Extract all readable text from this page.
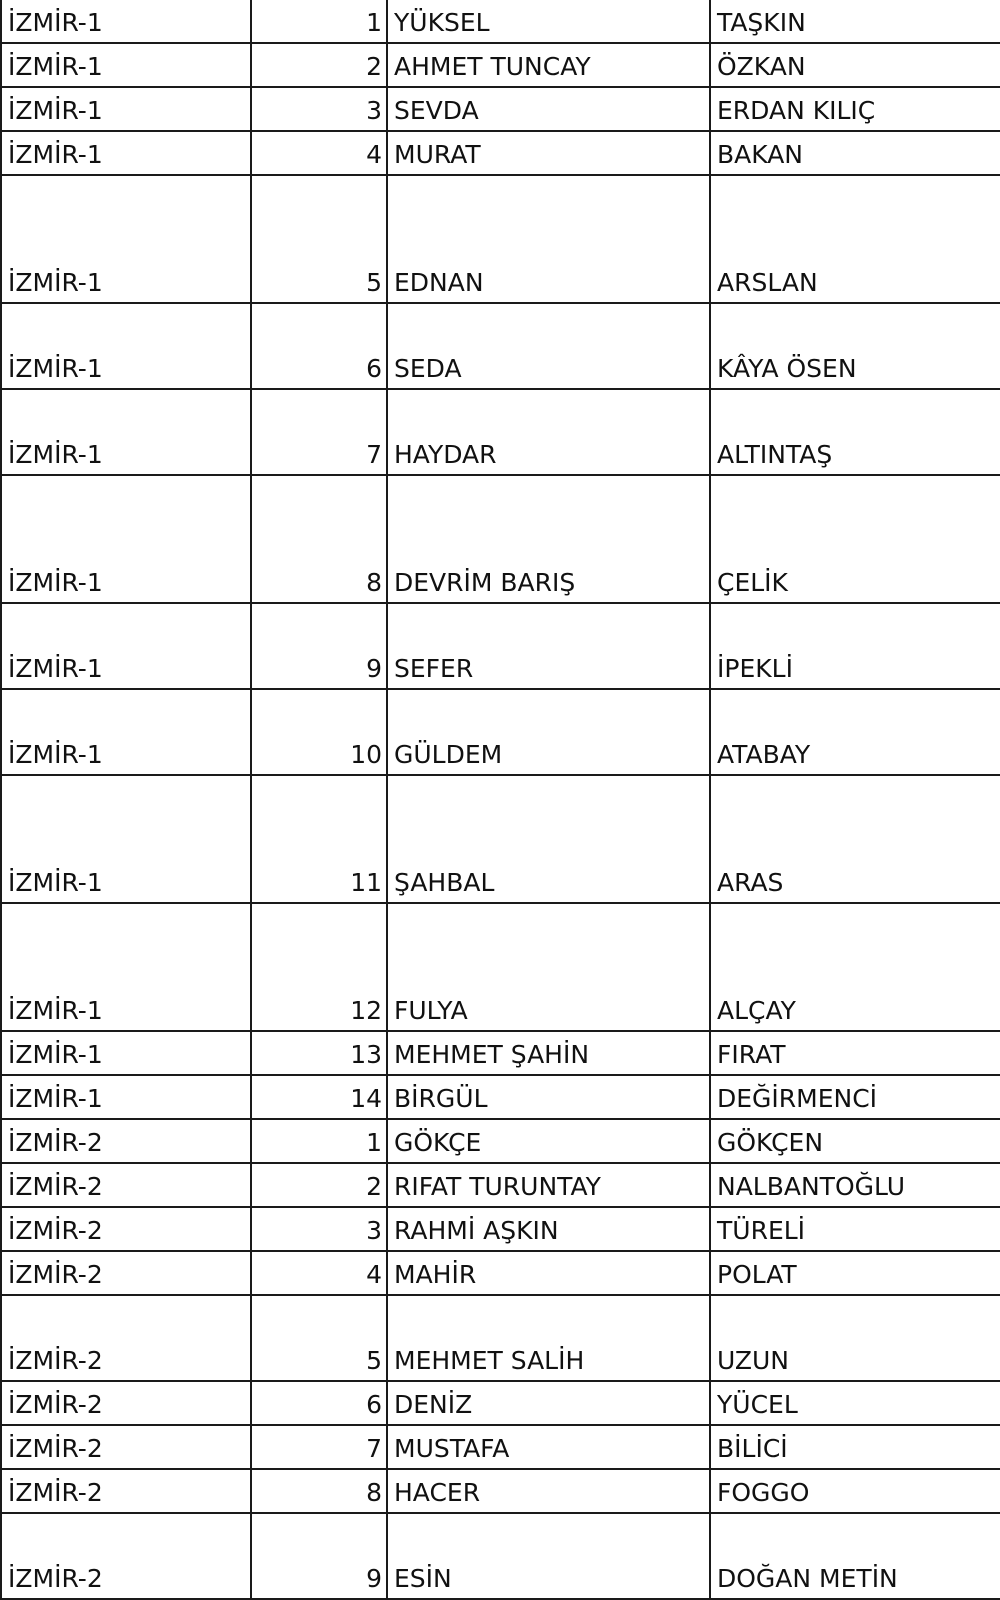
İZMİR-1	1	YÜKSEL	TAŞKIN
İZMİR-1	2	AHMET TUNCAY	ÖZKAN
İZMİR-1	3	SEVDA	ERDAN KILIÇ
İZMİR-1	4	MURAT	BAKAN
İZMİR-1	5	EDNAN	ARSLAN
İZMİR-1	6	SEDA	KÂYA ÖSEN
İZMİR-1	7	HAYDAR	ALTINTAŞ
İZMİR-1	8	DEVRİM BARIŞ	ÇELİK
İZMİR-1	9	SEFER	İPEKLİ
İZMİR-1	10	GÜLDEM	ATABAY
İZMİR-1	11	ŞAHBAL	ARAS
İZMİR-1	12	FULYA	ALÇAY
İZMİR-1	13	MEHMET ŞAHİN	FIRAT
İZMİR-1	14	BİRGÜL	DEĞİRMENCİ
İZMİR-2	1	GÖKÇE	GÖKÇEN
İZMİR-2	2	RIFAT TURUNTAY	NALBANTOĞLU
İZMİR-2	3	RAHMİ AŞKIN	TÜRELİ
İZMİR-2	4	MAHİR	POLAT
İZMİR-2	5	MEHMET SALİH	UZUN
İZMİR-2	6	DENİZ	YÜCEL
İZMİR-2	7	MUSTAFA	BİLİCİ
İZMİR-2	8	HACER	FOGGO
İZMİR-2	9	ESİN	DOĞAN METİN
